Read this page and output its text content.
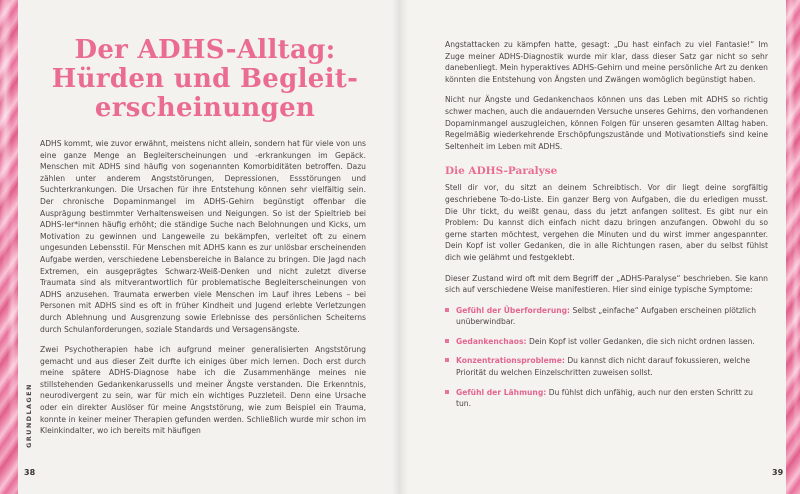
Der ADHS-Alltag:
Hürden und Begleit-
erscheinungen

ADHS kommt, wie zuvor erwähnt, meistens nicht allein, sondern hat für viele von uns eine ganze Menge an Begleiterscheinungen und -erkrankungen im Gepäck. Menschen mit ADHS sind häufig von sogenannten Komorbiditäten betroffen. Dazu zählen unter anderem Angststörungen, Depressionen, Essstörungen und Suchterkrankungen. Die Ursachen für ihre Entstehung können sehr vielfältig sein. Der chronische Dopaminmangel im ADHS-Gehirn begünstigt offenbar die Ausprägung bestimmter Verhaltensweisen und Neigungen. So ist der Spieltrieb bei ADHS-ler*innen häufig erhöht; die ständige Suche nach Belohnungen und Kicks, um Motivation zu gewinnen und Langeweile zu bekämpfen, verleitet oft zu einem ungesunden Lebensstil. Für Menschen mit ADHS kann es zur unlösbar erscheinenden Aufgabe werden, verschiedene Lebensbereiche in Balance zu bringen. Die Jagd nach Extremen, ein ausgeprägtes Schwarz-Weiß-Denken und nicht zuletzt diverse Traumata sind als mitverantwortlich für problematische Begleiterscheinungen von ADHS anzusehen. Traumata erwerben viele Menschen im Lauf ihres Lebens – bei Personen mit ADHS sind es oft in früher Kindheit und Jugend erlebte Verletzungen durch Ablehnung und Ausgrenzung sowie Erlebnisse des persönlichen Scheiterns durch Schulanforderungen, soziale Standards und Versagensängste.

Zwei Psychotherapien habe ich aufgrund meiner generalisierten Angststörung gemacht und aus dieser Zeit durfte ich einiges über mich lernen. Doch erst durch meine spätere ADHS-Diagnose habe ich die Zusammenhänge meines nie stillstehenden Gedankenkarussells und meiner Ängste verstanden. Die Erkenntnis, neurodivergent zu sein, war für mich ein wichtiges Puzzleteil. Denn eine Ursache oder ein direkter Auslöser für meine Angststörung, wie zum Beispiel ein Trauma, konnte in keiner meiner Therapien gefunden werden. Schließlich wurde mir schon im Kleinkindalter, wo ich bereits mit häufigen

GRUNDLAGEN
38

Angstattacken zu kämpfen hatte, gesagt: „Du hast einfach zu viel Fantasie!“ Im Zuge meiner ADHS-Diagnostik wurde mir klar, dass dieser Satz gar nicht so sehr danebenliegt. Mein hyperaktives ADHS-Gehirn und meine persönliche Art zu denken könnten die Entstehung von Ängsten und Zwängen womöglich begünstigt haben.

Nicht nur Ängste und Gedankenchaos können uns das Leben mit ADHS so richtig schwer machen, auch die andauernden Versuche unseres Gehirns, den vorhandenen Dopaminmangel auszugleichen, können Folgen für unseren gesamten Alltag haben. Regelmäßig wiederkehrende Erschöpfungszustände und Motivationstiefs sind keine Seltenheit im Leben mit ADHS.

Die ADHS-Paralyse

Stell dir vor, du sitzt an deinem Schreibtisch. Vor dir liegt deine sorgfältig geschriebene To-do-Liste. Ein ganzer Berg von Aufgaben, die du erledigen musst. Die Uhr tickt, du weißt genau, dass du jetzt anfangen solltest. Es gibt nur ein Problem: Du kannst dich einfach nicht dazu bringen anzufangen. Obwohl du so gerne starten möchtest, vergehen die Minuten und du wirst immer angespannter. Dein Kopf ist voller Gedanken, die in alle Richtungen rasen, aber du selbst fühlst dich wie gelähmt und festgeklebt.

Dieser Zustand wird oft mit dem Begriff der „ADHS-Paralyse“ beschrieben. Sie kann sich auf verschiedene Weise manifestieren. Hier sind einige typische Symptome:

Gefühl der Überforderung: Selbst „einfache“ Aufgaben erscheinen plötzlich unüberwindbar.
Gedankenchaos: Dein Kopf ist voller Gedanken, die sich nicht ordnen lassen.
Konzentrationsprobleme: Du kannst dich nicht darauf fokussieren, welche Priorität du welchen Einzelschritten zuweisen sollst.
Gefühl der Lähmung: Du fühlst dich unfähig, auch nur den ersten Schritt zu tun.
39
